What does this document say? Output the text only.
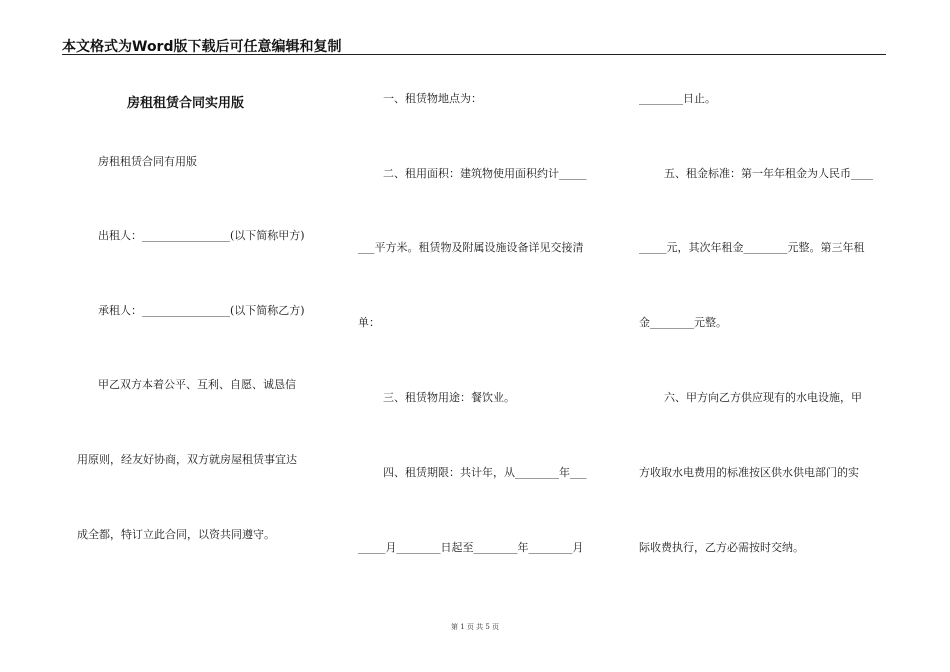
本文格式为Word版下载后可任意编辑和复制
房租租赁合同实用版
房租租赁合同有用版
出租人：________________(以下简称甲方)
承租人：________________(以下简称乙方)
甲乙双方本着公平、互利、自愿、诚恳信
用原则，经友好协商，双方就房屋租赁事宜达
成全都，特订立此合同，以资共同遵守。
一、租赁物地点为：
二、租用面积：建筑物使用面积约计_____
___平方米。租赁物及附属设施设备详见交接清
单：
三、租赁物用途：餐饮业。
四、租赁期限：共计年，从________年___
_____月________日起至________年________月
________日止。
五、租金标准：第一年年租金为人民币____
_____元，其次年租金________元整。第三年租
金________元整。
六、甲方向乙方供应现有的水电设施，甲
方收取水电费用的标准按区供水供电部门的实
际收费执行，乙方必需按时交纳。
第 1 页 共 5 页
